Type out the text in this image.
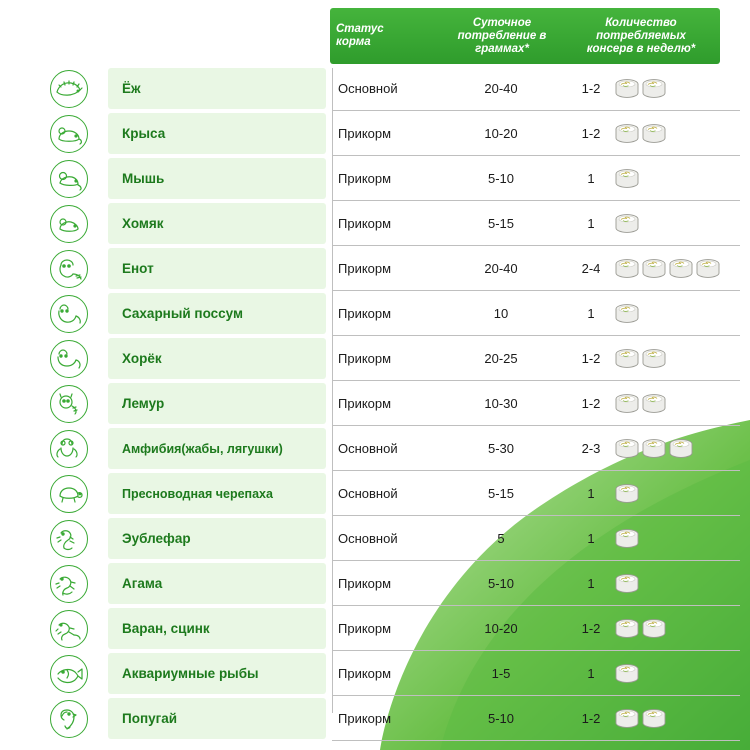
Статус
корма
Суточное
потребление в
граммах*
Количество
потребляемых
консерв в неделю*
Ёж	Основной	20-40	1-2
Крыса	Прикорм	10-20	1-2
Мышь	Прикорм	5-10	1
Хомяк	Прикорм	5-15	1
Енот	Прикорм	20-40	2-4
Сахарный поссум	Прикорм	10	1
Хорёк	Прикорм	20-25	1-2
Лемур	Прикорм	10-30	1-2
Амфибия(жабы, лягушки)	Основной	5-30	2-3
Пресноводная черепаха	Основной	5-15	1
Эублефар	Основной	5	1
Агама	Прикорм	5-10	1
Варан, сцинк	Прикорм	10-20	1-2
Аквариумные рыбы	Прикорм	1-5	1
Попугай	Прикорм	5-10	1-2
